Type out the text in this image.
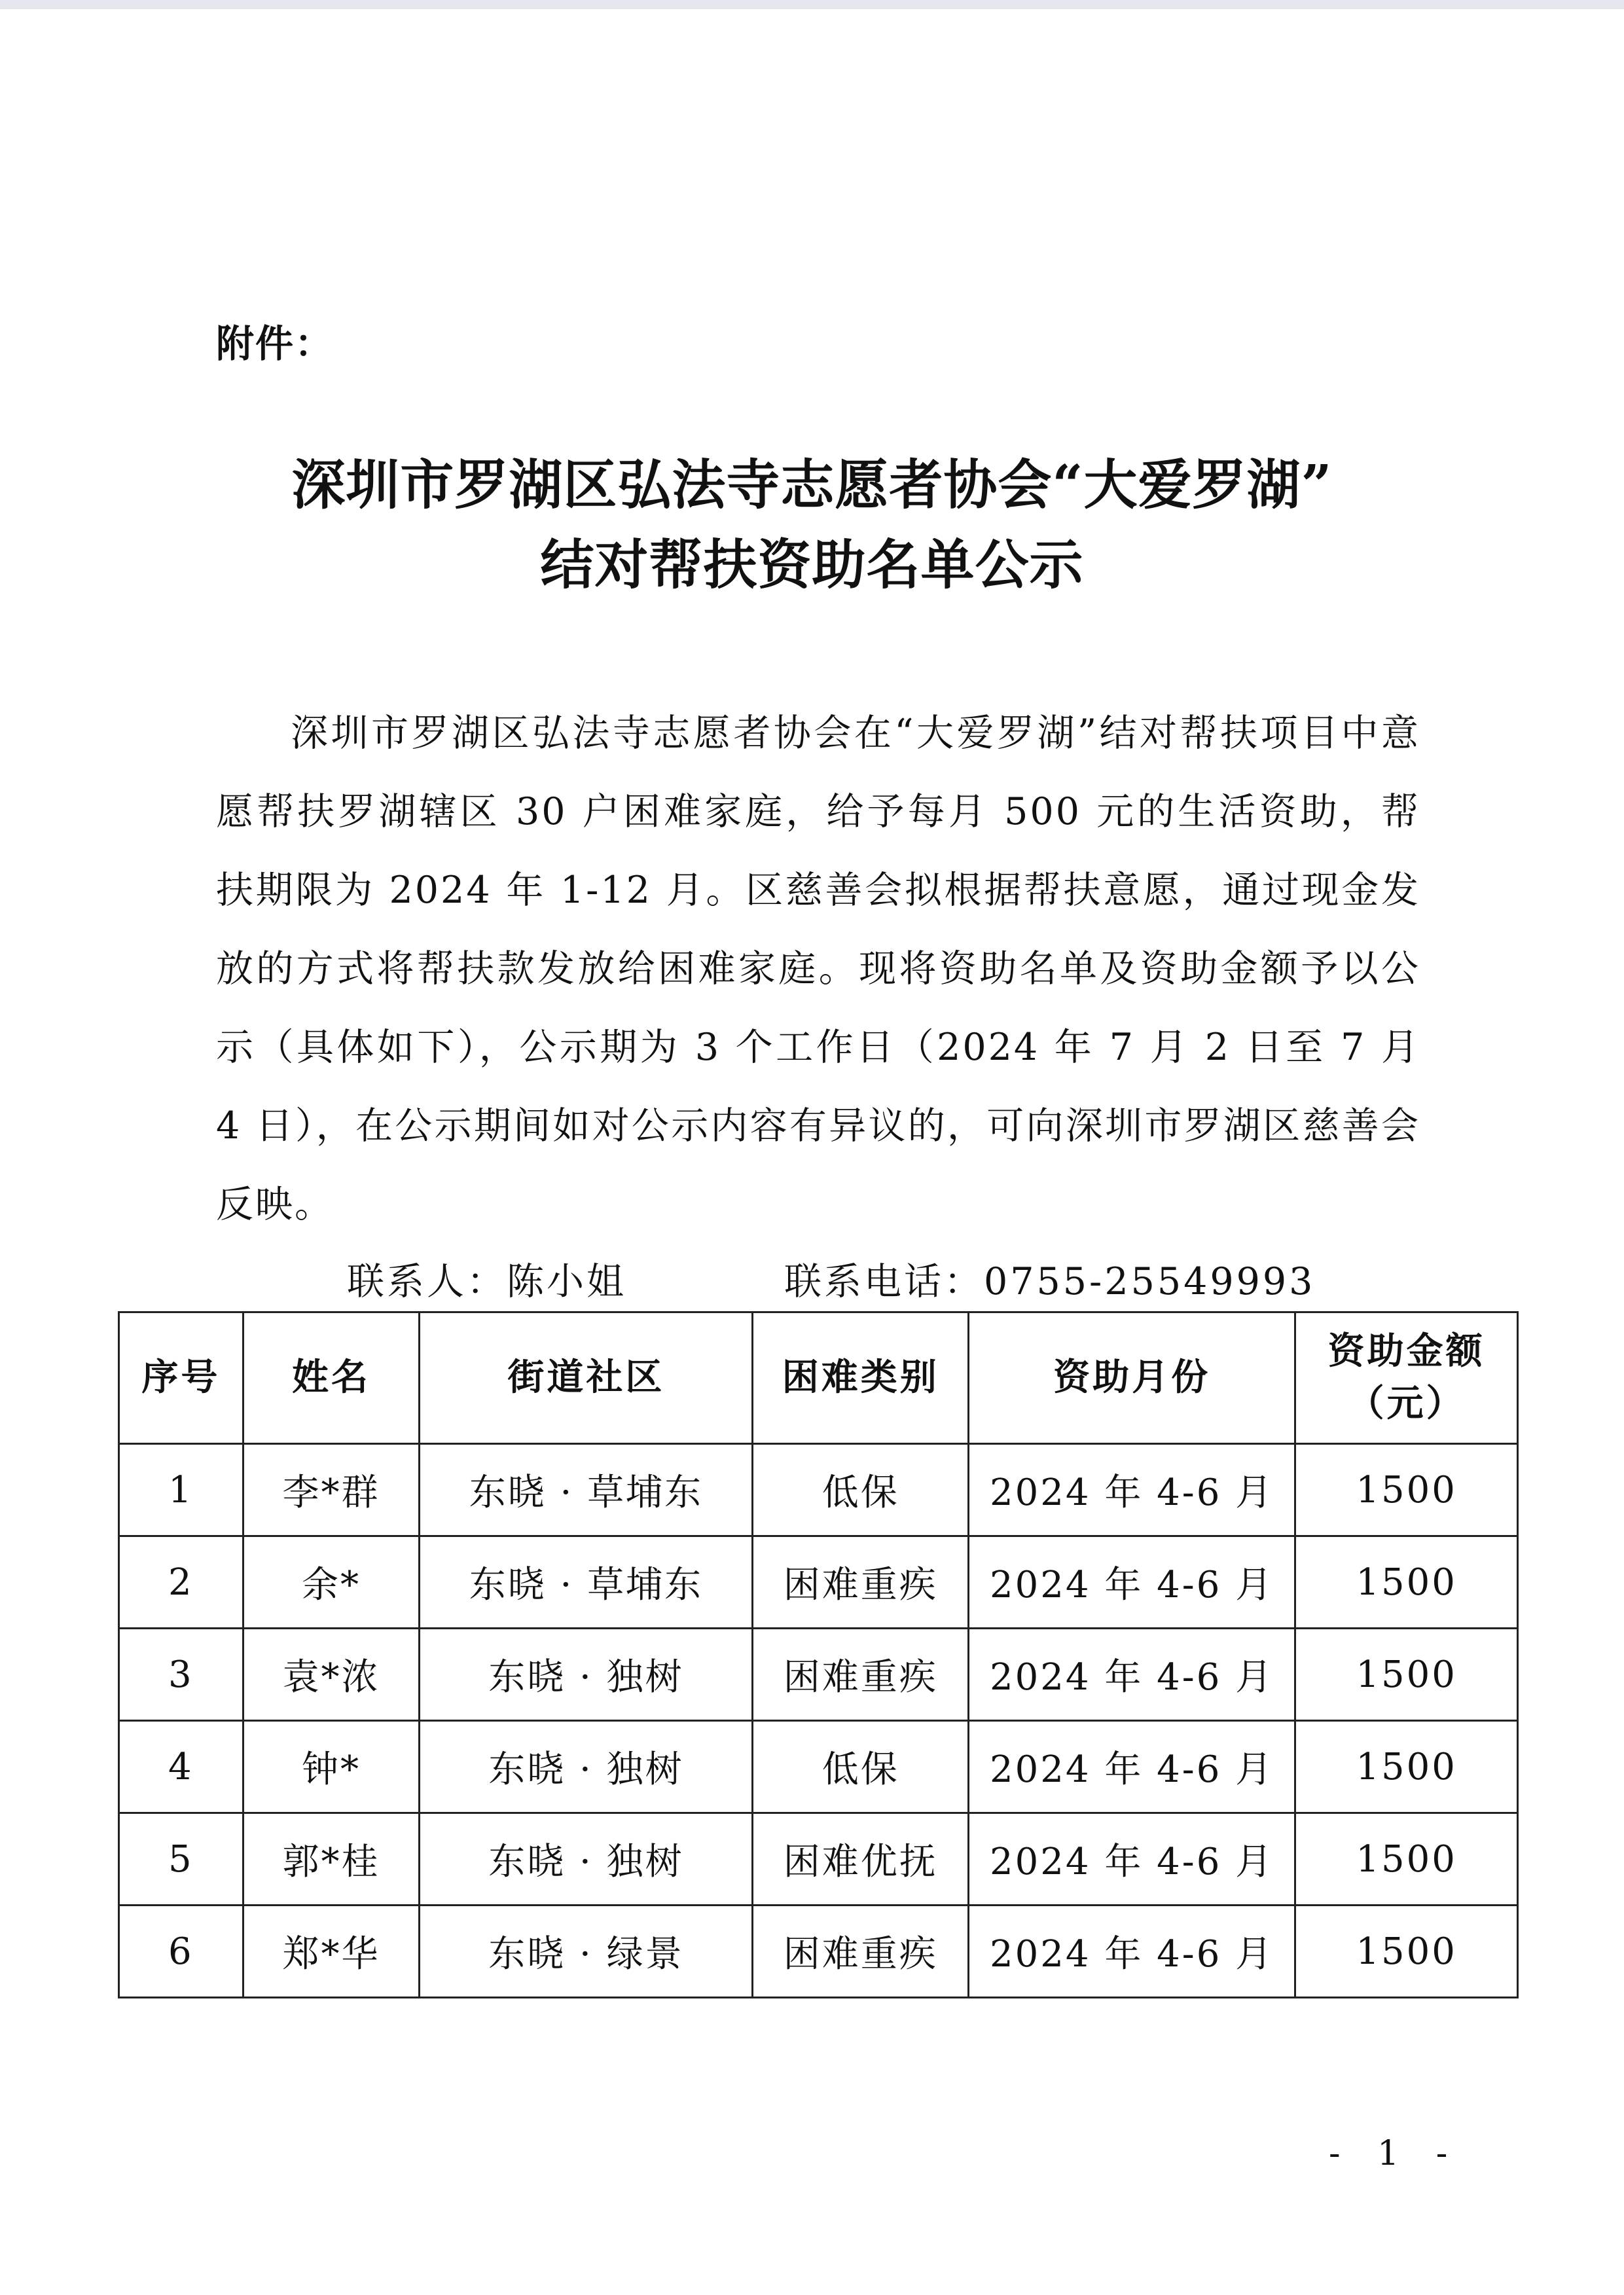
附件：
深圳市罗湖区弘法寺志愿者协会“大爱罗湖”
结对帮扶资助名单公示
深圳市罗湖区弘法寺志愿者协会在“大爱罗湖”结对帮扶项目中意愿帮扶罗湖辖区 30 户困难家庭，给予每月 500 元的生活资助，帮扶期限为 2024 年 1-12 月。区慈善会拟根据帮扶意愿，通过现金发放的方式将帮扶款发放给困难家庭。现将资助名单及资助金额予以公示（具体如下），公示期为 3 个工作日（2024 年 7 月 2 日至 7 月 4 日），在公示期间如对公示内容有异议的，可向深圳市罗湖区慈善会反映。
联系人：陈小姐	联系电话：0755-25549993
序号	姓名	街道社区	困难类别	资助月份	资助金额
（元）

1	李*群	东晓 · 草埔东	低保	2024 年 4-6 月	1500
2	余*	东晓 · 草埔东	困难重疾	2024 年 4-6 月	1500
3	袁*浓	东晓 · 独树	困难重疾	2024 年 4-6 月	1500
4	钟*	东晓 · 独树	低保	2024 年 4-6 月	1500
5	郭*桂	东晓 · 独树	困难优抚	2024 年 4-6 月	1500
6	郑*华	东晓 · 绿景	困难重疾	2024 年 4-6 月	1500
- 1 -
